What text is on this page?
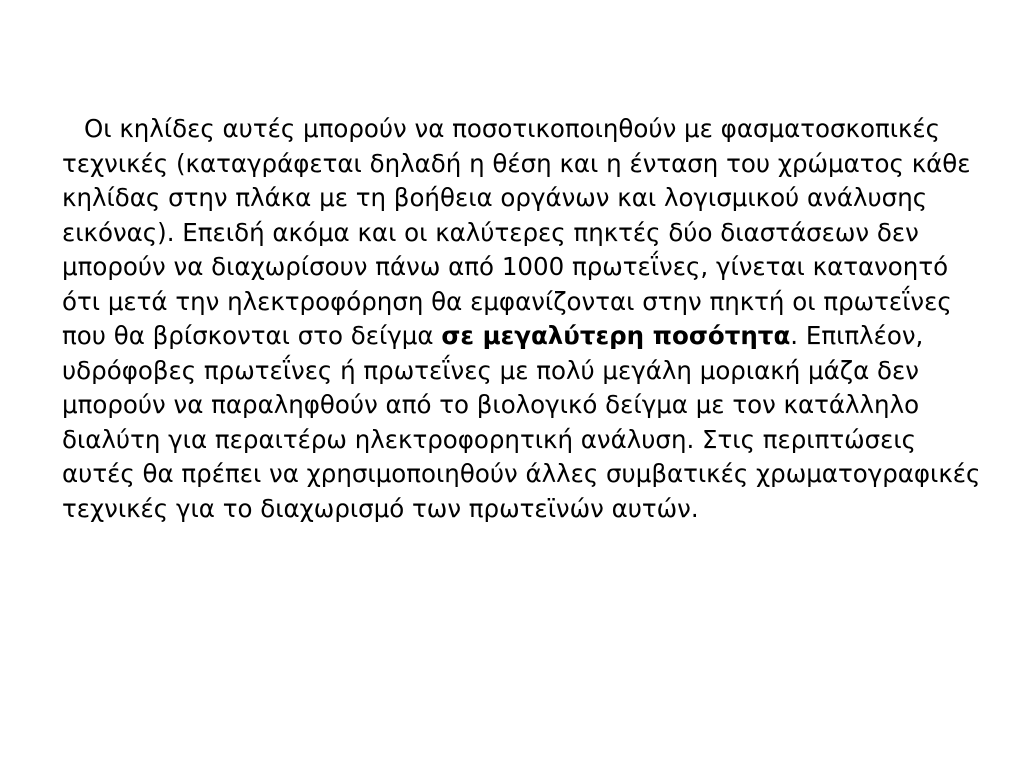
Οι κηλίδες αυτές μπορούν να ποσοτικοποιηθούν με φασματοσκοπικές τεχνικές (καταγράφεται δηλαδή η θέση και η ένταση του χρώματος κάθε κηλίδας στην πλάκα με τη βοήθεια οργάνων και λογισμικού ανάλυσης εικόνας). Επειδή ακόμα και οι καλύτερες πηκτές δύο διαστάσεων δεν μπορούν να διαχωρίσουν πάνω από 1000 πρωτεΐνες, γίνεται κατανοητό ότι μετά την ηλεκτροφόρηση θα εμφανίζονται στην πηκτή οι πρωτεΐνες που θα βρίσκονται στο δείγμα σε μεγαλύτερη ποσότητα. Επιπλέον, υδρόφοβες πρωτεΐνες ή πρωτεΐνες με πολύ μεγάλη μοριακή μάζα δεν μπορούν να παραληφθούν από το βιολογικό δείγμα με τον κατάλληλο διαλύτη για περαιτέρω ηλεκτροφορητική ανάλυση. Στις περιπτώσεις αυτές θα πρέπει να χρησιμοποιηθούν άλλες συμβατικές χρωματογραφικές τεχνικές για το διαχωρισμό των πρωτεϊνών αυτών.
